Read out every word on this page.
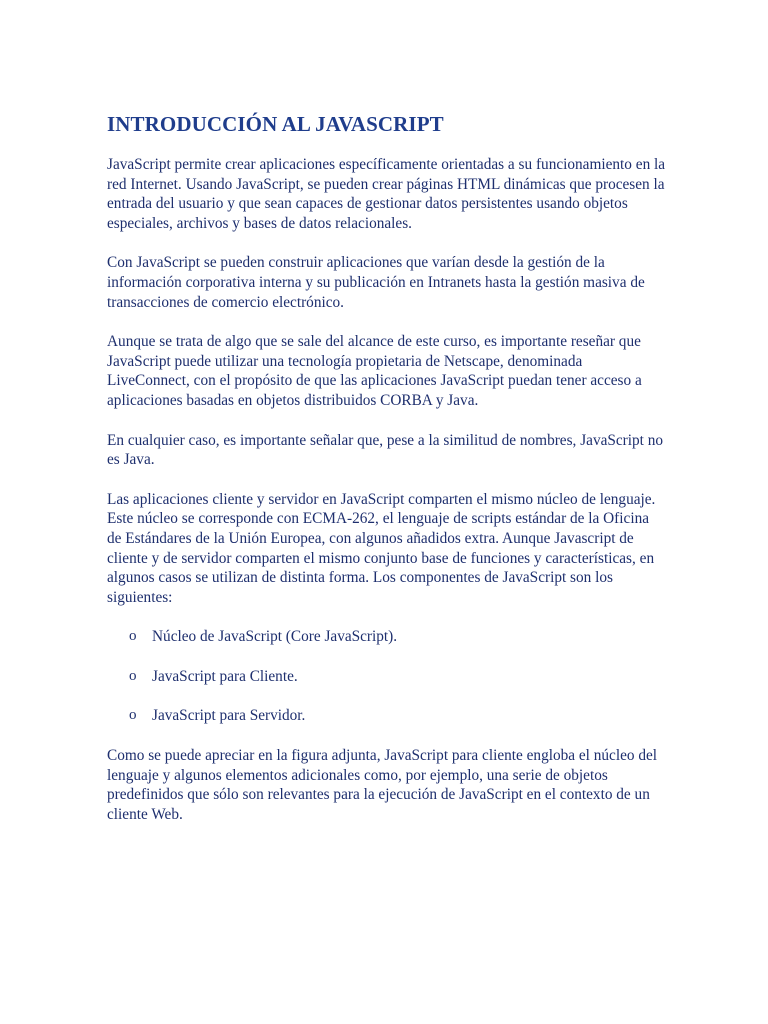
INTRODUCCIÓN AL JAVASCRIPT

JavaScript permite crear aplicaciones específicamente orientadas a su funcionamiento en la red Internet. Usando JavaScript, se pueden crear páginas HTML dinámicas que procesen la entrada del usuario y que sean capaces de gestionar datos persistentes usando objetos especiales, archivos y bases de datos relacionales.

Con JavaScript se pueden construir aplicaciones que varían desde la gestión de la información corporativa interna y su publicación en Intranets hasta la gestión masiva de transacciones de comercio electrónico.

Aunque se trata de algo que se sale del alcance de este curso, es importante reseñar que JavaScript puede utilizar una tecnología propietaria de Netscape, denominada LiveConnect, con el propósito de que las aplicaciones JavaScript puedan tener acceso a aplicaciones basadas en objetos distribuidos CORBA y Java.

En cualquier caso, es importante señalar que, pese a la similitud de nombres, JavaScript no es Java.

Las aplicaciones cliente y servidor en JavaScript comparten el mismo núcleo de lenguaje. Este núcleo se corresponde con ECMA-262, el lenguaje de scripts estándar de la Oficina de Estándares de la Unión Europea, con algunos añadidos extra. Aunque Javascript de cliente y de servidor comparten el mismo conjunto base de funciones y características, en algunos casos se utilizan de distinta forma. Los componentes de JavaScript son los siguientes:

o Núcleo de JavaScript (Core JavaScript).
o JavaScript para Cliente.
o JavaScript para Servidor.

Como se puede apreciar en la figura adjunta, JavaScript para cliente engloba el núcleo del lenguaje y algunos elementos adicionales como, por ejemplo, una serie de objetos predefinidos que sólo son relevantes para la ejecución de JavaScript en el contexto de un cliente Web.
